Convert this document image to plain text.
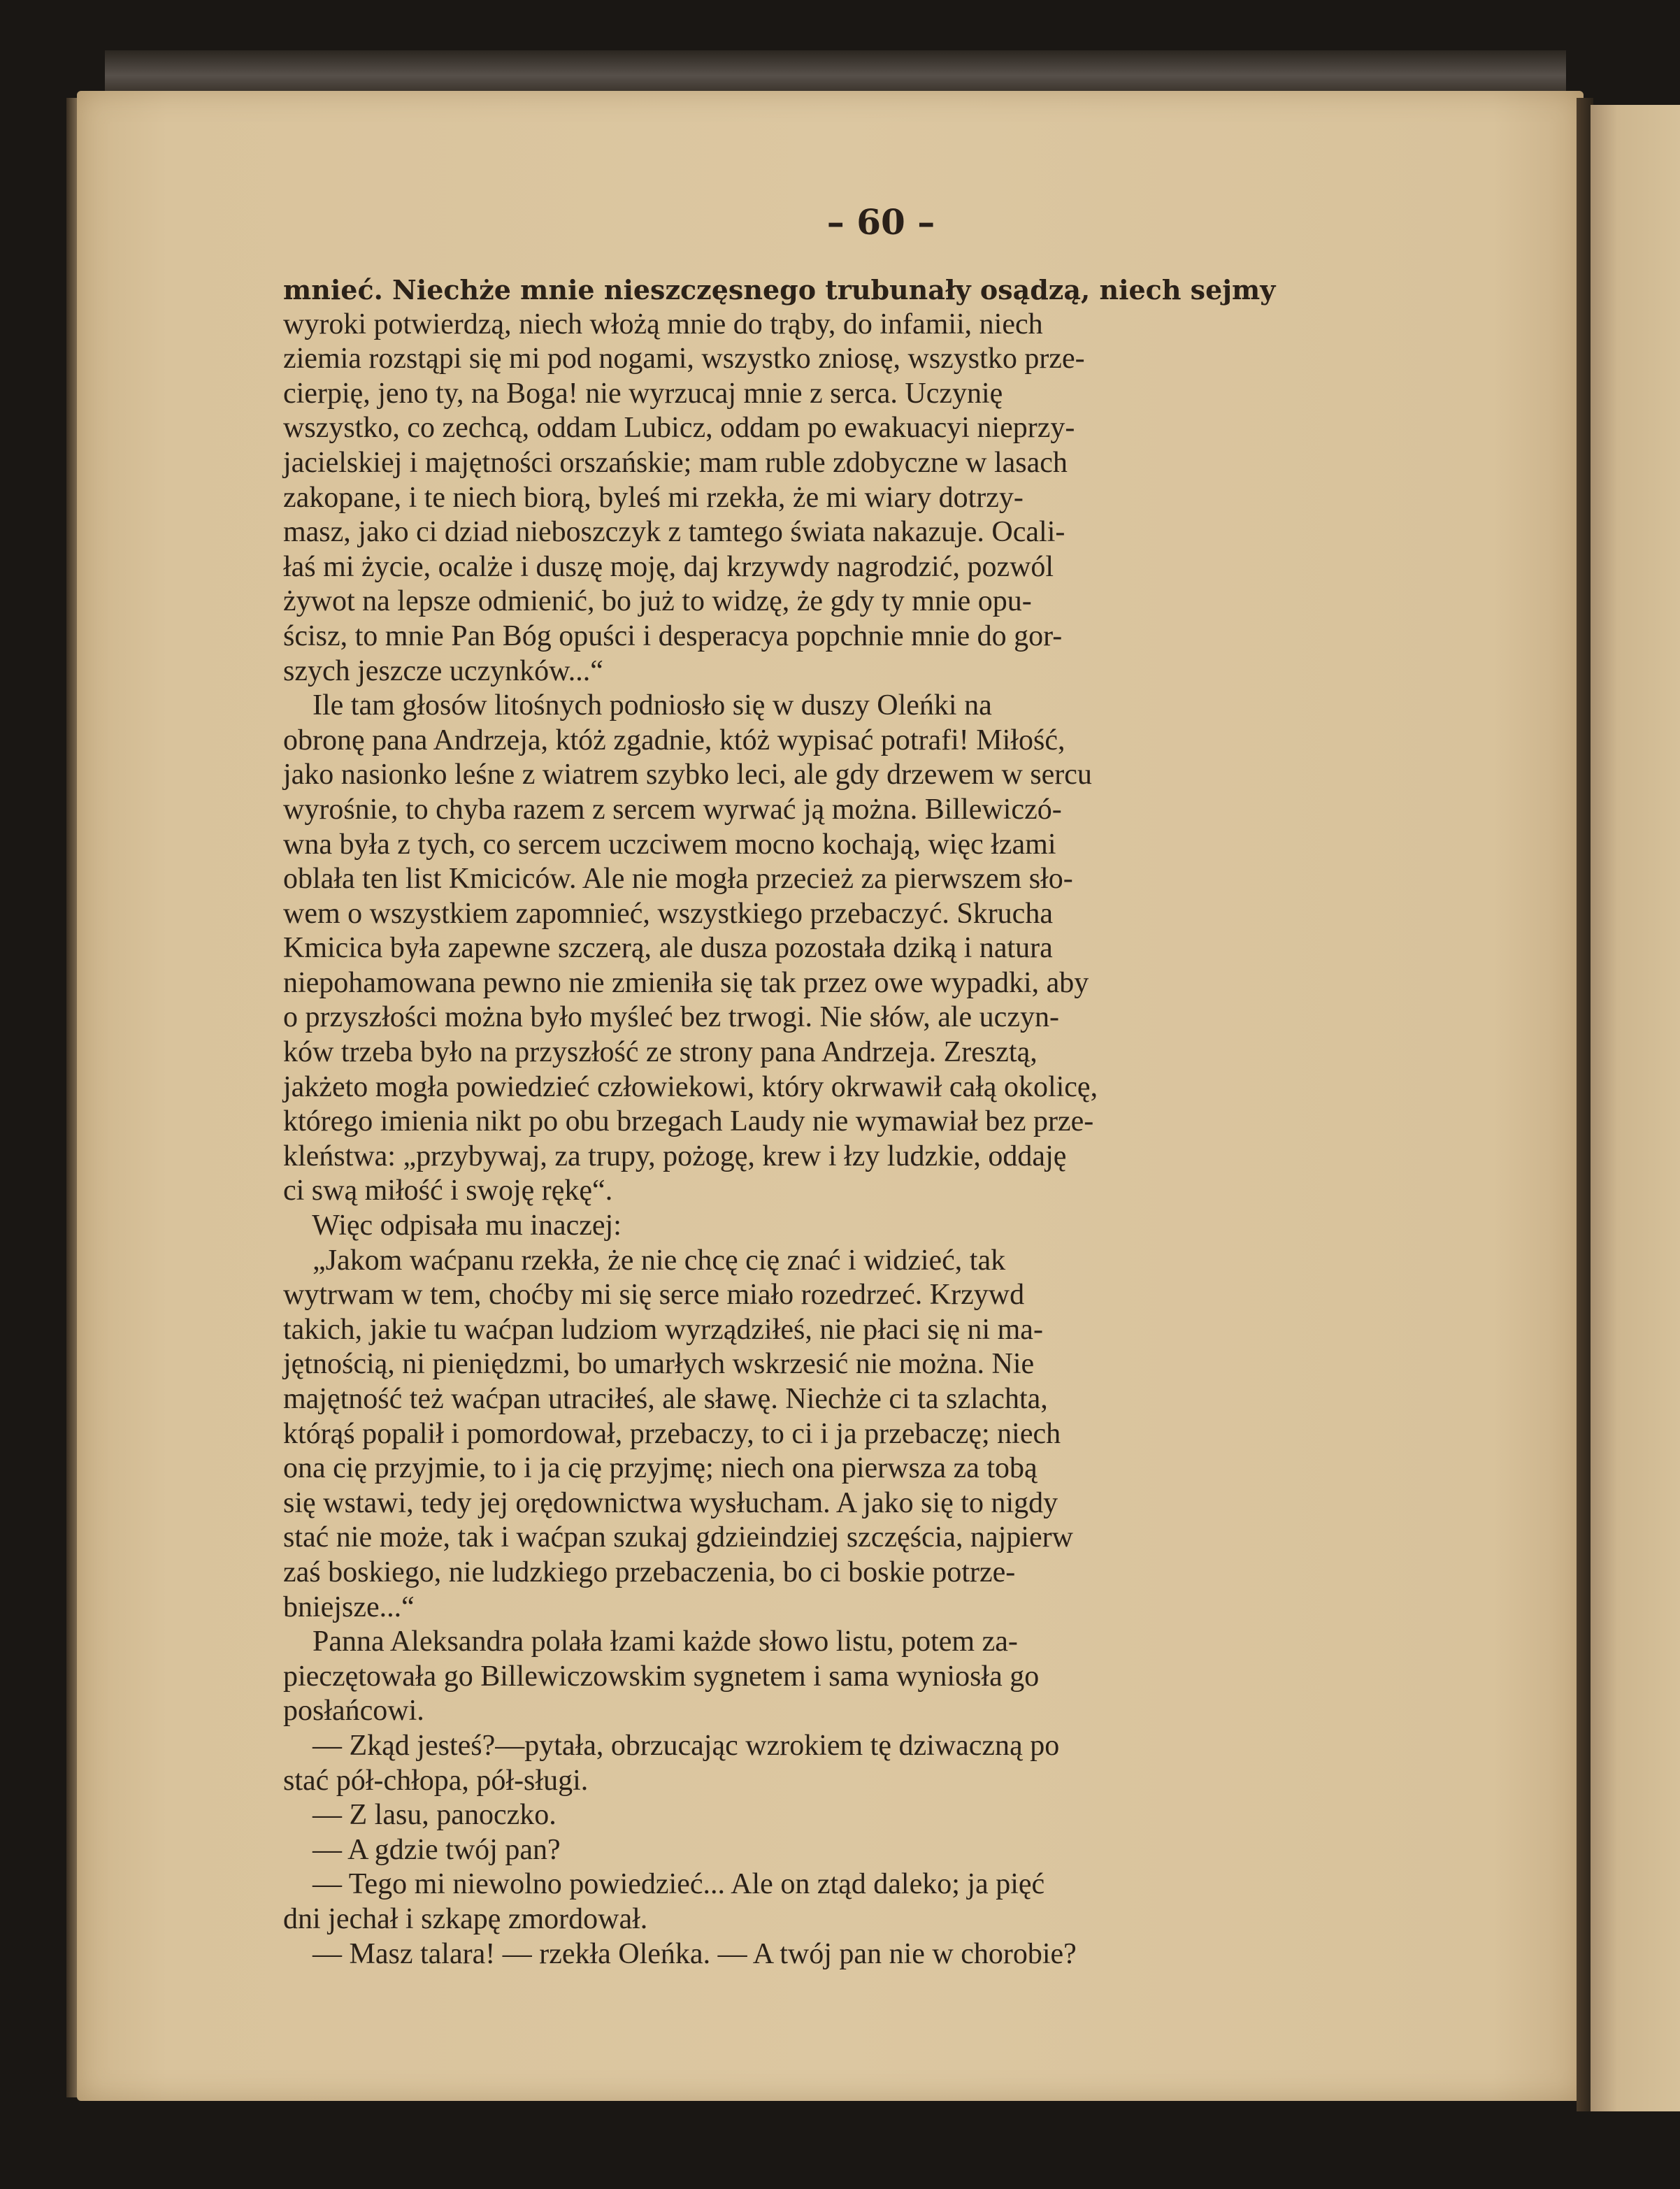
– 60 –
mnieć. Niechże mnie nieszczęsnego trubunały osądzą, niech sejmy
wyroki potwierdzą, niech włożą mnie do trąby, do infamii, niech
ziemia rozstąpi się mi pod nogami, wszystko zniosę, wszystko prze-
cierpię, jeno ty, na Boga! nie wyrzucaj mnie z serca. Uczynię
wszystko, co zechcą, oddam Lubicz, oddam po ewakuacyi nieprzy-
jacielskiej i majętności orszańskie; mam ruble zdobyczne w lasach
zakopane, i te niech biorą, byleś mi rzekła, że mi wiary dotrzy-
masz, jako ci dziad nieboszczyk z tamtego świata nakazuje. Ocali-
łaś mi życie, ocalże i duszę moję, daj krzywdy nagrodzić, pozwól
żywot na lepsze odmienić, bo już to widzę, że gdy ty mnie opu-
ścisz, to mnie Pan Bóg opuści i desperacya popchnie mnie do gor-
szych jeszcze uczynków...“
Ile tam głosów litośnych podniosło się w duszy Oleńki na
obronę pana Andrzeja, któż zgadnie, któż wypisać potrafi! Miłość,
jako nasionko leśne z wiatrem szybko leci, ale gdy drzewem w sercu
wyrośnie, to chyba razem z sercem wyrwać ją można. Billewiczó-
wna była z tych, co sercem uczciwem mocno kochają, więc łzami
oblała ten list Kmiciców. Ale nie mogła przecież za pierwszem sło-
wem o wszystkiem zapomnieć, wszystkiego przebaczyć. Skrucha
Kmicica była zapewne szczerą, ale dusza pozostała dziką i natura
niepohamowana pewno nie zmieniła się tak przez owe wypadki, aby
o przyszłości można było myśleć bez trwogi. Nie słów, ale uczyn-
ków trzeba było na przyszłość ze strony pana Andrzeja. Zresztą,
jakżeto mogła powiedzieć człowiekowi, który okrwawił całą okolicę,
którego imienia nikt po obu brzegach Laudy nie wymawiał bez prze-
kleństwa: „przybywaj, za trupy, pożogę, krew i łzy ludzkie, oddaję
ci swą miłość i swoję rękę“.
Więc odpisała mu inaczej:
„Jakom waćpanu rzekła, że nie chcę cię znać i widzieć, tak
wytrwam w tem, choćby mi się serce miało rozedrzeć. Krzywd
takich, jakie tu waćpan ludziom wyrządziłeś, nie płaci się ni ma-
jętnością, ni pieniędzmi, bo umarłych wskrzesić nie można. Nie
majętność też waćpan utraciłeś, ale sławę. Niechże ci ta szlachta,
którąś popalił i pomordował, przebaczy, to ci i ja przebaczę; niech
ona cię przyjmie, to i ja cię przyjmę; niech ona pierwsza za tobą
się wstawi, tedy jej orędownictwa wysłucham. A jako się to nigdy
stać nie może, tak i waćpan szukaj gdzieindziej szczęścia, najpierw
zaś boskiego, nie ludzkiego przebaczenia, bo ci boskie potrze-
bniejsze...“
Panna Aleksandra polała łzami każde słowo listu, potem za-
pieczętowała go Billewiczowskim sygnetem i sama wyniosła go
posłańcowi.
— Zkąd jesteś?—pytała, obrzucając wzrokiem tę dziwaczną po
stać pół-chłopa, pół-sługi.
— Z lasu, panoczko.
— A gdzie twój pan?
— Tego mi niewolno powiedzieć... Ale on ztąd daleko; ja pięć
dni jechał i szkapę zmordował.
— Masz talara! — rzekła Oleńka. — A twój pan nie w chorobie?
